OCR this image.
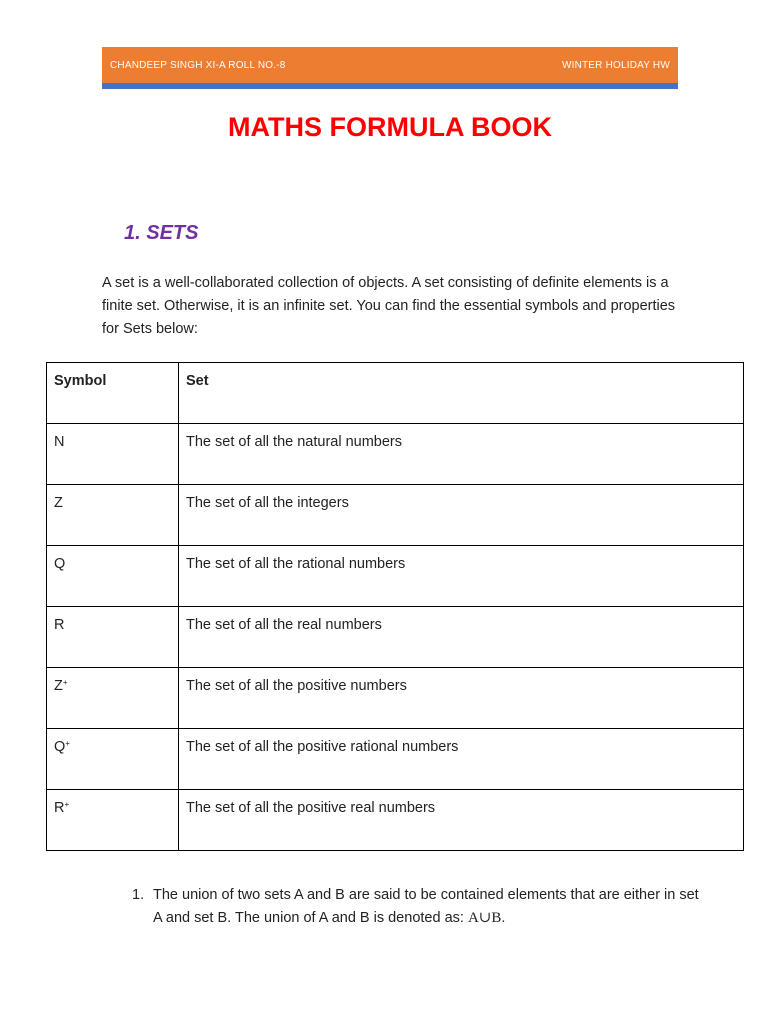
CHANDEEP SINGH XI-A ROLL NO.-8	WINTER HOLIDAY HW
MATHS FORMULA BOOK
1. SETS

A set is a well-collaborated collection of objects. A set consisting of definite elements is a finite set. Otherwise, it is an infinite set. You can find the essential symbols and properties for Sets below:

Symbol	Set
N	The set of all the natural numbers
Z	The set of all the integers
Q	The set of all the rational numbers
R	The set of all the real numbers
Z+	The set of all the positive numbers
Q+	The set of all the positive rational numbers
R+	The set of all the positive real numbers
1. The union of two sets A and B are said to be contained elements that are either in set A and set B. The union of A and B is denoted as: A∪B.
